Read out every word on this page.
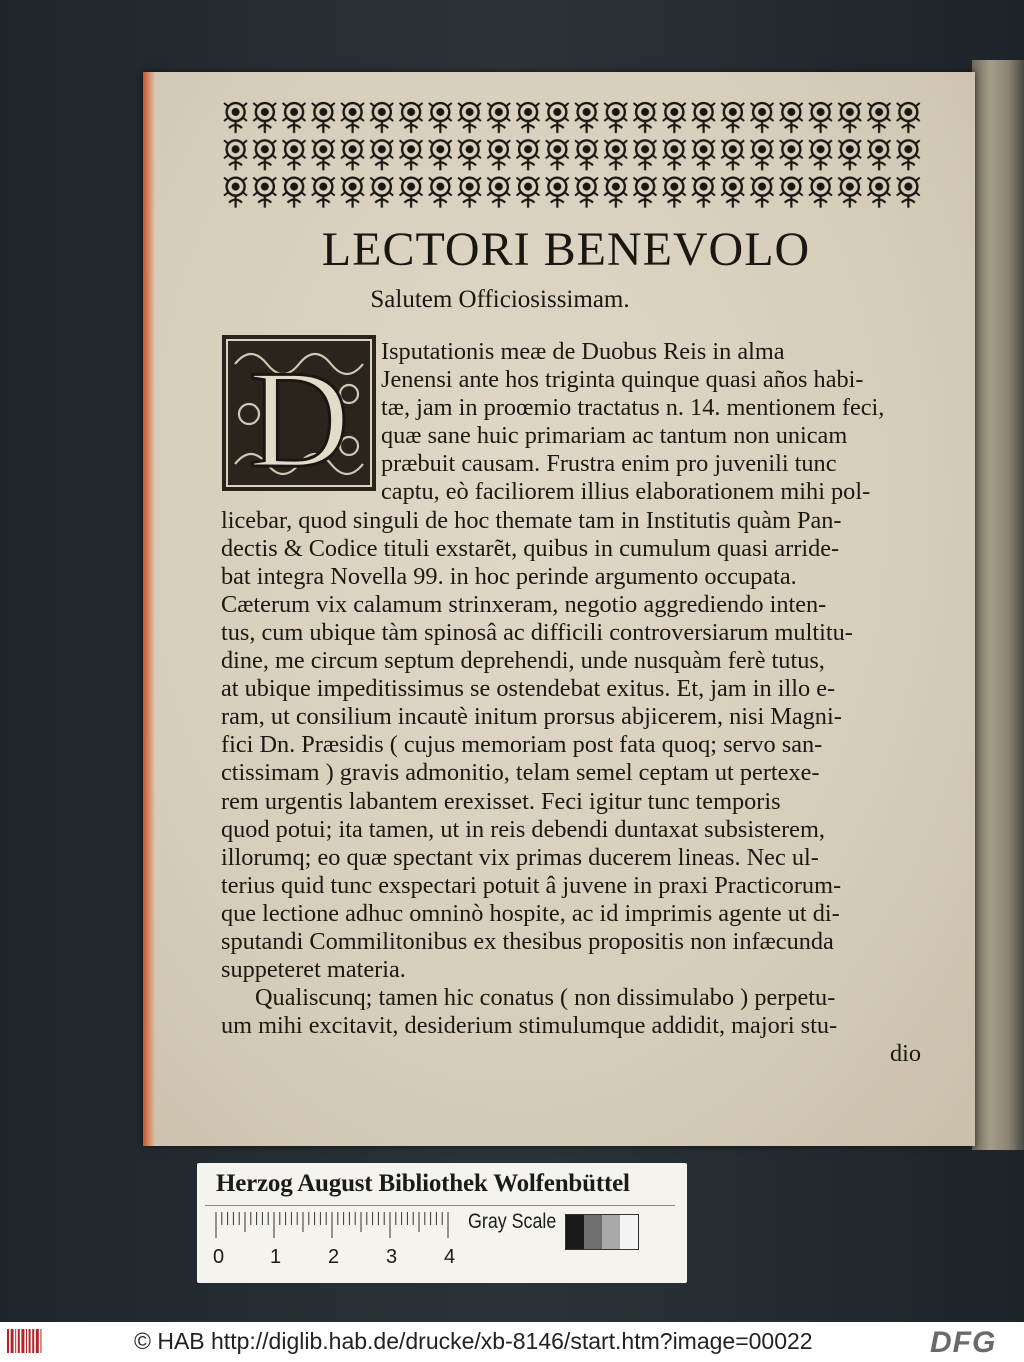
LECTORI BENEVOLO
Salutem Officiosissimam.
D	Isputationis meæ de Duobus Reis in alma
Jenensi ante hos triginta quinque quasi años habi-
tæ, jam in proœmio tractatus n. 14. mentionem feci,
quæ sane huic primariam ac tantum non unicam
præbuit causam. Frustra enim pro juvenili tunc
captu, eò faciliorem illius elaborationem mihi pol-
licebar, quod singuli de hoc themate tam in Institutis quàm Pan-
dectis & Codice tituli exstarẽt, quibus in cumulum quasi arride-
bat integra Novella 99. in hoc perinde argumento occupata.
Cæterum vix calamum strinxeram, negotio aggrediendo inten-
tus, cum ubique tàm spinosâ ac difficili controversiarum multitu-
dine, me circum septum deprehendi, unde nusquàm ferè tutus,
at ubique impeditissimus se ostendebat exitus. Et, jam in illo e-
ram, ut consilium incautè initum prorsus abjicerem, nisi Magni-
fici Dn. Præsidis ( cujus memoriam post fata quoq; servo san-
ctissimam ) gravis admonitio, telam semel ceptam ut pertexe-
rem urgentis labantem erexisset. Feci igitur tunc temporis
quod potui; ita tamen, ut in reis debendi duntaxat subsisterem,
illorumq; eo quæ spectant vix primas ducerem lineas. Nec ul-
terius quid tunc exspectari potuit â juvene in praxi Practicorum-
que lectione adhuc omninò hospite, ac id imprimis agente ut di-
sputandi Commilitonibus ex thesibus propositis non infæcunda
suppeteret materia.
Qualiscunq; tamen hic conatus ( non dissimulabo ) perpetu-
um mihi excitavit, desiderium stimulumque addidit, majori stu-
dio
Herzog August Bibliothek Wolfenbüttel
0 1 2 3 4
Gray Scale
© HAB http://diglib.hab.de/drucke/xb-8146/start.htm?image=00022	DFG
